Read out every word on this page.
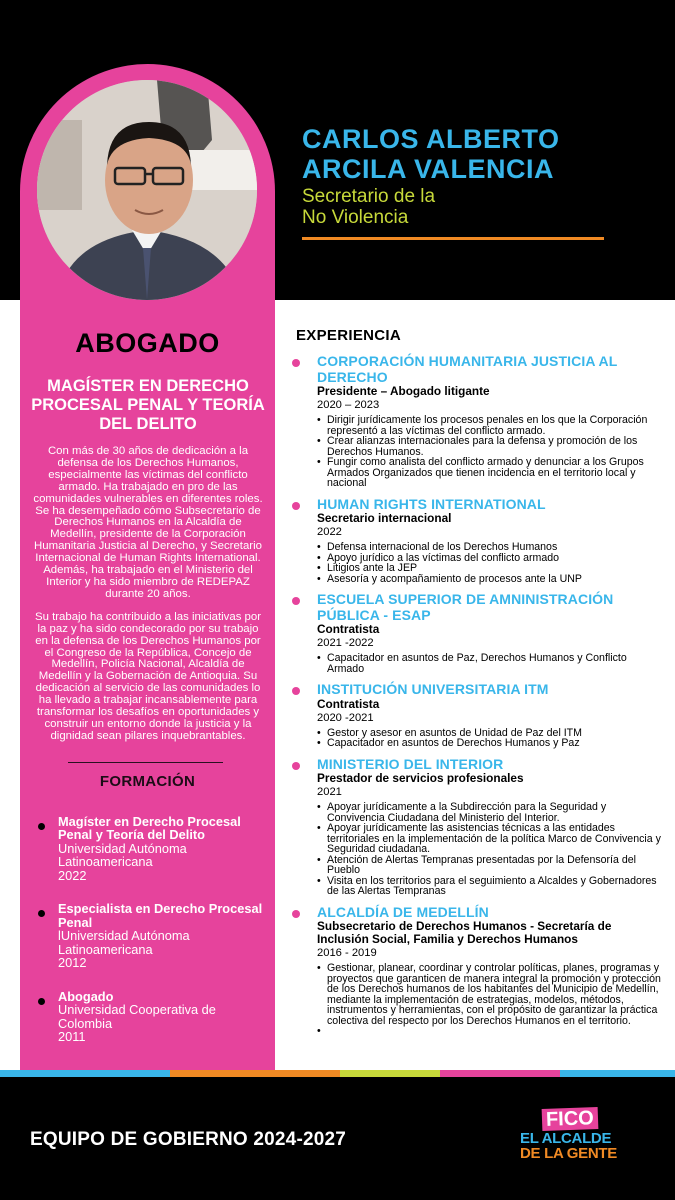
CARLOS ALBERTO
ARCILA VALENCIA
Secretario de la
No Violencia
ABOGADO
MAGÍSTER EN DERECHO PROCESAL PENAL Y TEORÍA DEL DELITO

Con más de 30 años de dedicación a la defensa de los Derechos Humanos, especialmente las víctimas del conflicto armado. Ha trabajado en pro de las comunidades vulnerables en diferentes roles. Se ha desempeñado cómo Subsecretario de Derechos Humanos en la Alcaldía de Medellín, presidente de la Corporación Humanitaria Justicia al Derecho, y Secretario Internacional de Human Rights International. Además, ha trabajado en el Ministerio del Interior y ha sido miembro de REDEPAZ durante 20 años.

Su trabajo ha contribuido a las iniciativas por la paz y ha sido condecorado por su trabajo en la defensa de los Derechos Humanos por el Congreso de la República, Concejo de Medellín, Policía Nacional, Alcaldía de Medellín y la Gobernación de Antioquia. Su dedicación al servicio de las comunidades lo ha llevado a trabajar incansablemente para transformar los desafíos en oportunidades y construir un entorno donde la justicia y la dignidad sean pilares inquebrantables.

FORMACIÓN
Magíster en Derecho Procesal Penal y Teoría del Delito
Universidad Autónoma Latinoamericana
2022
Especialista en Derecho Procesal Penal
lUniversidad Autónoma Latinoamericana
2012
Abogado
Universidad Cooperativa de Colombia
2011
EXPERIENCIA
CORPORACIÓN HUMANITARIA JUSTICIA AL DERECHO
Presidente – Abogado litigante
2020 – 2023
• Dirigir jurídicamente los procesos penales en los que la Corporación representó a las víctimas del conflicto armado.
• Crear alianzas internacionales para la defensa y promoción de los Derechos Humanos.
• Fungir como analista del conflicto armado y denunciar a los Grupos Armados Organizados que tienen incidencia en el territorio local y nacional
HUMAN RIGHTS INTERNATIONAL
Secretario internacional
2022
• Defensa internacional de los Derechos Humanos
• Apoyo jurídico a las víctimas del conflicto armado
• Litigios ante la JEP
• Asesoría y acompañamiento de procesos ante la UNP
ESCUELA SUPERIOR DE AMNINISTRACIÓN PÚBLICA - ESAP
Contratista
2021 -2022
• Capacitador en asuntos de Paz, Derechos Humanos y Conflicto Armado
INSTITUCIÓN UNIVERSITARIA ITM
Contratista
2020 -2021
• Gestor y asesor en asuntos de Unidad de Paz del ITM
• Capacitador en asuntos de Derechos Humanos y Paz
MINISTERIO DEL INTERIOR
Prestador de servicios profesionales
2021
• Apoyar jurídicamente a la Subdirección para la Seguridad y Convivencia Ciudadana del Ministerio del Interior.
• Apoyar jurídicamente las asistencias técnicas a las entidades territoriales en la implementación de la política Marco de Convivencia y Seguridad ciudadana.
• Atención de Alertas Tempranas presentadas por la Defensoría del Pueblo
• Visita en los territorios para el seguimiento a Alcaldes y Gobernadores de las Alertas Tempranas
ALCALDÍA DE MEDELLÍN
Subsecretario de Derechos Humanos - Secretaría de Inclusión Social, Familia y Derechos Humanos
2016 - 2019
• Gestionar, planear, coordinar y controlar políticas, planes, programas y proyectos que garanticen de manera integral la promoción y protección de los Derechos humanos de los habitantes del Municipio de Medellín, mediante la implementación de estrategias, modelos, métodos, instrumentos y herramientas, con el propósito de garantizar la práctica colectiva del respecto por los Derechos Humanos en el territorio.
EQUIPO DE GOBIERNO 2024-2027
FICO
EL ALCALDE
DE LA GENTE
